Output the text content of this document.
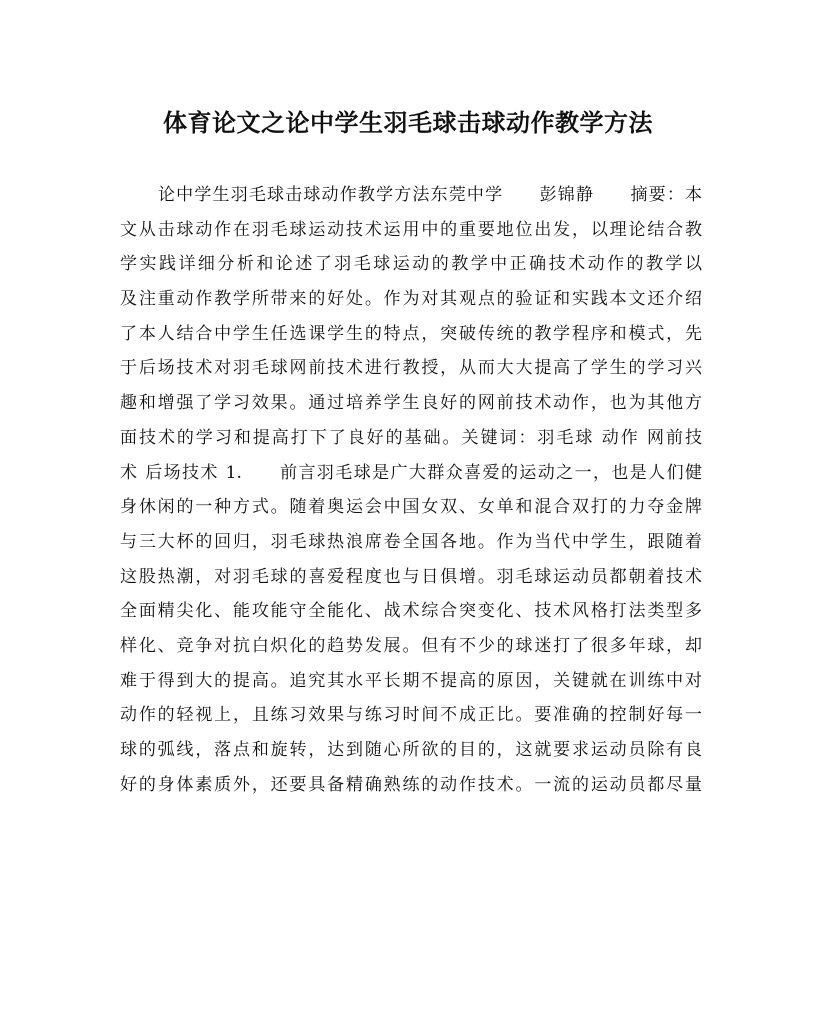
体育论文之论中学生羽毛球击球动作教学方法
论中学生羽毛球击球动作教学方法东莞中学　　彭锦静　　摘要：本
文从击球动作在羽毛球运动技术运用中的重要地位出发，以理论结合教
学实践详细分析和论述了羽毛球运动的教学中正确技术动作的教学以
及注重动作教学所带来的好处。作为对其观点的验证和实践本文还介绍
了本人结合中学生任选课学生的特点，突破传统的教学程序和模式，先
于后场技术对羽毛球网前技术进行教授，从而大大提高了学生的学习兴
趣和增强了学习效果。通过培养学生良好的网前技术动作，也为其他方
面技术的学习和提高打下了良好的基础。关键词：羽毛球 动作 网前技
术 后场技术 1.　　前言羽毛球是广大群众喜爱的运动之一，也是人们健
身休闲的一种方式。随着奥运会中国女双、女单和混合双打的力夺金牌
与三大杯的回归，羽毛球热浪席卷全国各地。作为当代中学生，跟随着
这股热潮，对羽毛球的喜爱程度也与日俱增。羽毛球运动员都朝着技术
全面精尖化、能攻能守全能化、战术综合突变化、技术风格打法类型多
样化、竞争对抗白炽化的趋势发展。但有不少的球迷打了很多年球，却
难于得到大的提高。追究其水平长期不提高的原因，关键就在训练中对
动作的轻视上，且练习效果与练习时间不成正比。要准确的控制好每一
球的弧线，落点和旋转，达到随心所欲的目的，这就要求运动员除有良
好的身体素质外，还要具备精确熟练的动作技术。一流的运动员都尽量
